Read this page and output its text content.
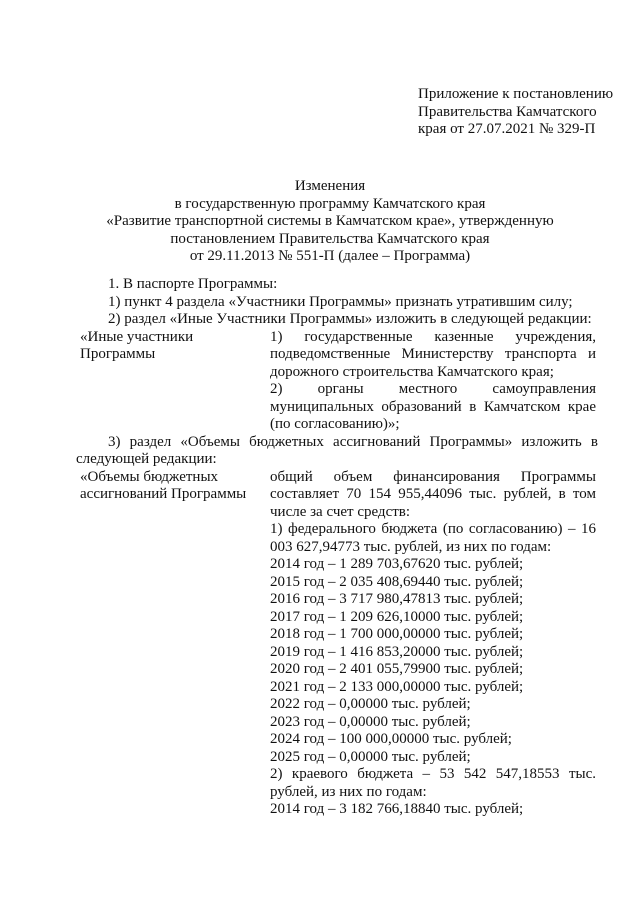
Приложение к постановлению
Правительства Камчатского
края от 27.07.2021 № 329-П
Изменения
в государственную программу Камчатского края
«Развитие транспортной системы в Камчатском крае», утвержденную
постановлением Правительства Камчатского края
от 29.11.2013 № 551-П (далее – Программа)
1. В паспорте Программы:
1) пункт 4 раздела «Участники Программы» признать утратившим силу;
2) раздел «Иные Участники Программы» изложить в следующей редакции:
«Иные участники Программы
1) государственные казенные учреждения, подведомственные Министерству транспорта и дорожного строительства Камчатского края;
2) органы местного самоуправления муниципальных образований в Камчатском крае (по согласованию)»;
3) раздел «Объемы бюджетных ассигнований Программы» изложить в следующей редакции:
«Объемы бюджетных ассигнований Программы
общий объем финансирования Программы составляет 70 154 955,44096 тыс. рублей, в том числе за счет средств:
1) федерального бюджета (по согласованию) – 16 003 627,94773 тыс. рублей, из них по годам:
2014 год – 1 289 703,67620 тыс. рублей;
2015 год – 2 035 408,69440 тыс. рублей;
2016 год – 3 717 980,47813 тыс. рублей;
2017 год – 1 209 626,10000 тыс. рублей;
2018 год – 1 700 000,00000 тыс. рублей;
2019 год – 1 416 853,20000 тыс. рублей;
2020 год – 2 401 055,79900 тыс. рублей;
2021 год – 2 133 000,00000 тыс. рублей;
2022 год – 0,00000 тыс. рублей;
2023 год – 0,00000 тыс. рублей;
2024 год – 100 000,00000 тыс. рублей;
2025 год – 0,00000 тыс. рублей;
2) краевого бюджета – 53 542 547,18553 тыс. рублей, из них по годам:
2014 год – 3 182 766,18840 тыс. рублей;
